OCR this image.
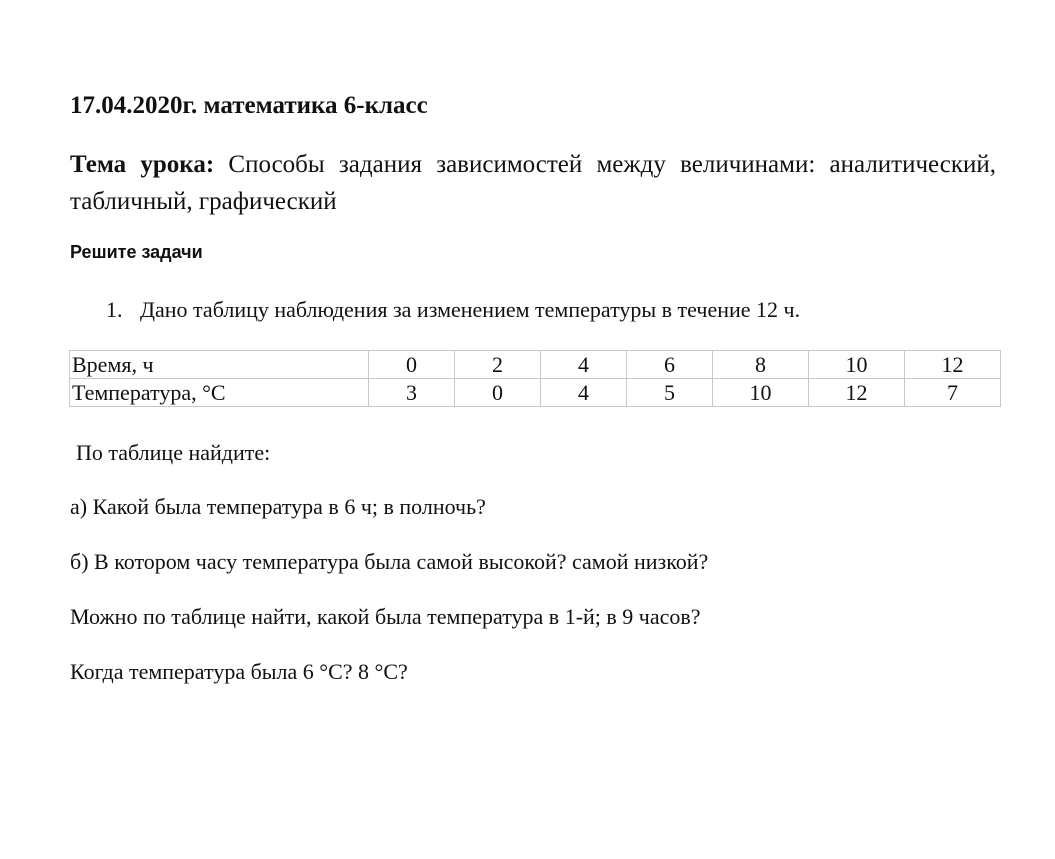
17.04.2020г. математика 6-класс
Тема урока: Способы задания зависимостей между величинами: аналитический, табличный, графический
Решите задачи
1. Дано таблицу наблюдения за изменением температуры в течение 12 ч.
Время, ч	0	2	4	6	8	10	12
Температура, °С	3	0	4	5	10	12	7
По таблице найдите:
а) Какой была температура в 6 ч; в полночь?
б) В котором часу температура была самой высокой? самой низкой?
Можно по таблице найти, какой была температура в 1-й; в 9 часов?
Когда температура была 6 °С? 8 °С?
